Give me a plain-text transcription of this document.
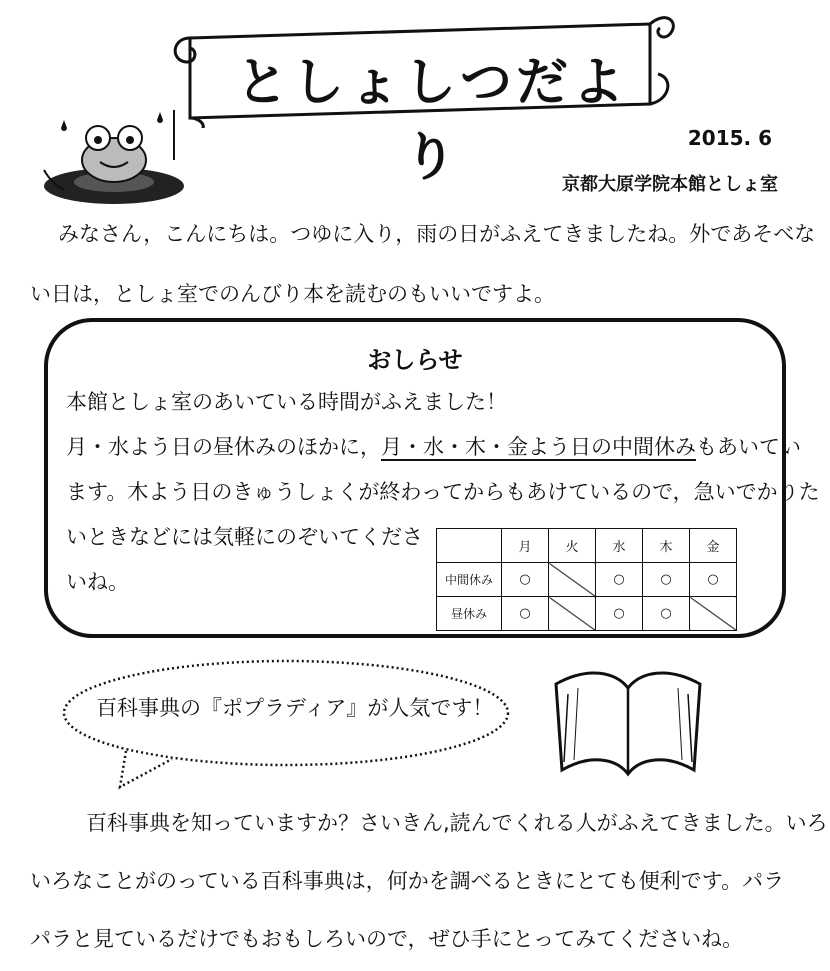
としょしつだより	2015. 6
京都大原学院本館としょ室

みなさん，こんにちは。つゆに入り，雨の日がふえてきましたね。外であそべな

い日は，としょ室でのんびり本を読むのもいいですよ。

おしらせ

本館としょ室のあいている時間がふえました！

月・水よう日の昼休みのほかに，月・水・木・金よう日の中間休みもあいてい

ます。木よう日のきゅうしょくが終わってからもあけているので，急いでかりた

いときなどには気軽にのぞいてくださ

いね。

	月	火	水	木	金
中間休み	○		○	○	○
昼休み	○		○	○	
百科事典の『ポプラディア』が人気です！

百科事典を知っていますか？さいきん,読んでくれる人がふえてきました。いろ

いろなことがのっている百科事典は，何かを調べるときにとても便利です。パラ

パラと見ているだけでもおもしろいので，ぜひ手にとってみてくださいね。
